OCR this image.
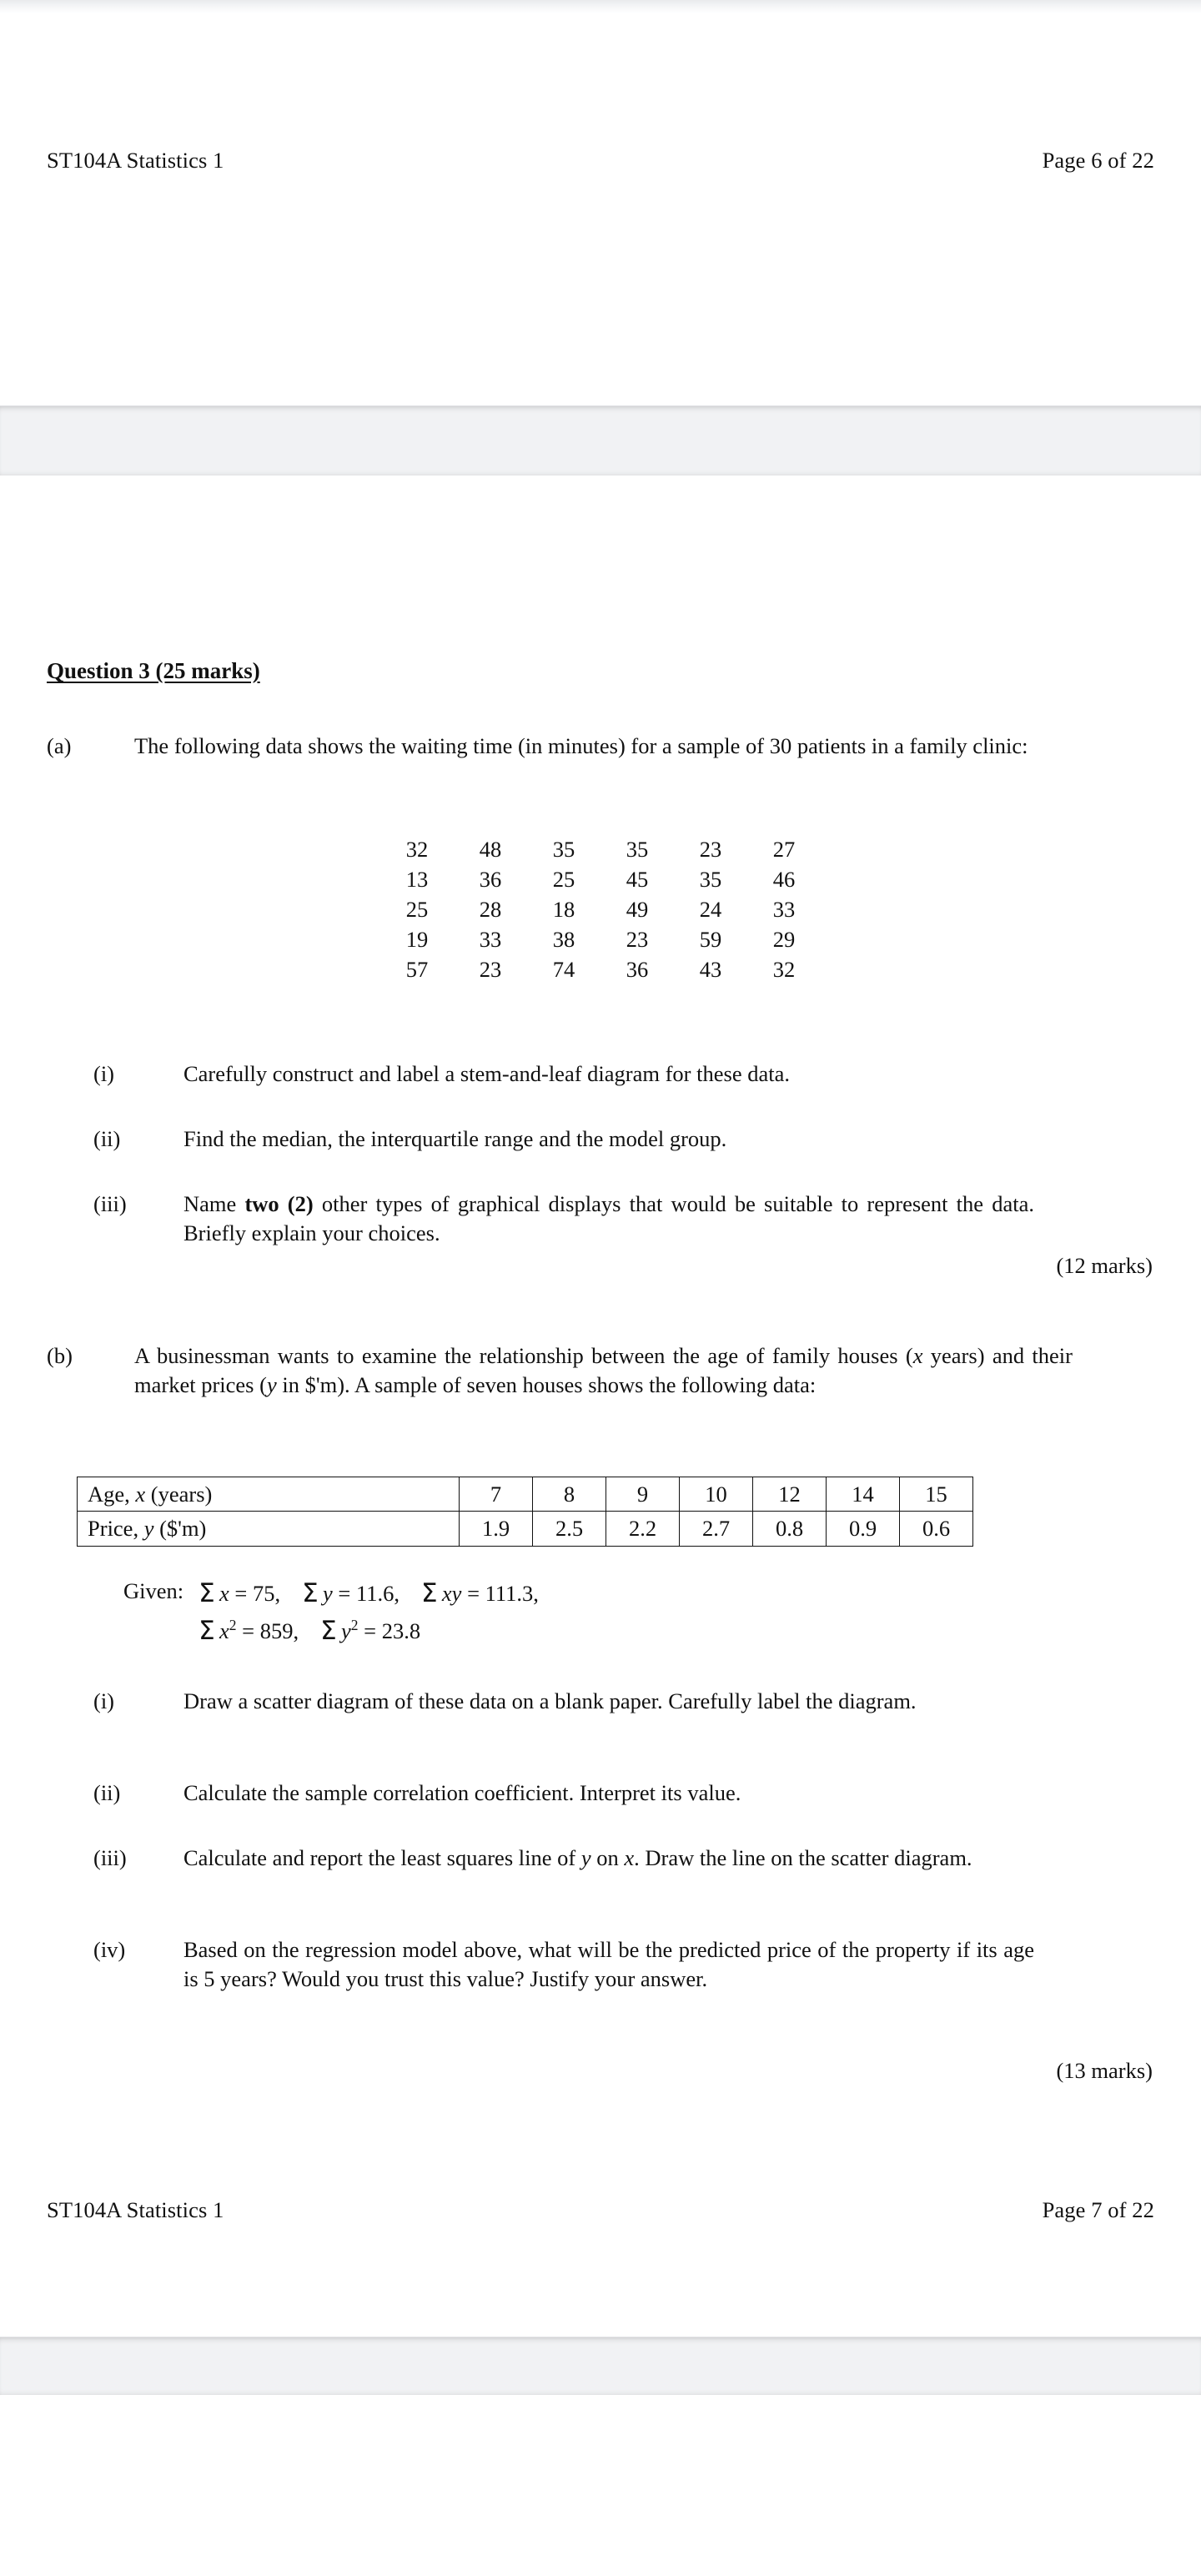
ST104A Statistics 1	Page 6 of 22
Question 3 (25 marks)
(a)	The following data shows the waiting time (in minutes) for a sample of 30 patients in a family clinic:
32	48	35	35	23	27
13	36	25	45	35	46
25	28	18	49	24	33
19	33	38	23	59	29
57	23	74	36	43	32
(i)	Carefully construct and label a stem-and-leaf diagram for these data.
(ii)	Find the median, the interquartile range and the model group.
(iii)	Name two (2) other types of graphical displays that would be suitable to represent the data. Briefly explain your choices.
(12 marks)
(b)	A businessman wants to examine the relationship between the age of family houses (x years) and their market prices (y in $'m). A sample of seven houses shows the following data:
Age, x (years)	7	8	9	10	12	14	15
Price, y ($'m)	1.9	2.5	2.2	2.7	0.8	0.9	0.6
Given: Σ  x = 75, Σ  y = 11.6, Σ  xy = 111.3,
Σ  $x^2 = 859$, Σ  $y^2 = 23.8$
(i)	Draw a scatter diagram of these data on a blank paper. Carefully label the diagram.
(ii)	Calculate the sample correlation coefficient. Interpret its value.
(iii)	Calculate and report the least squares line of y on x. Draw the line on the scatter diagram.
(iv)	Based on the regression model above, what will be the predicted price of the property if its age is 5 years? Would you trust this value? Justify your answer.
(13 marks)
ST104A Statistics 1	Page 7 of 22
